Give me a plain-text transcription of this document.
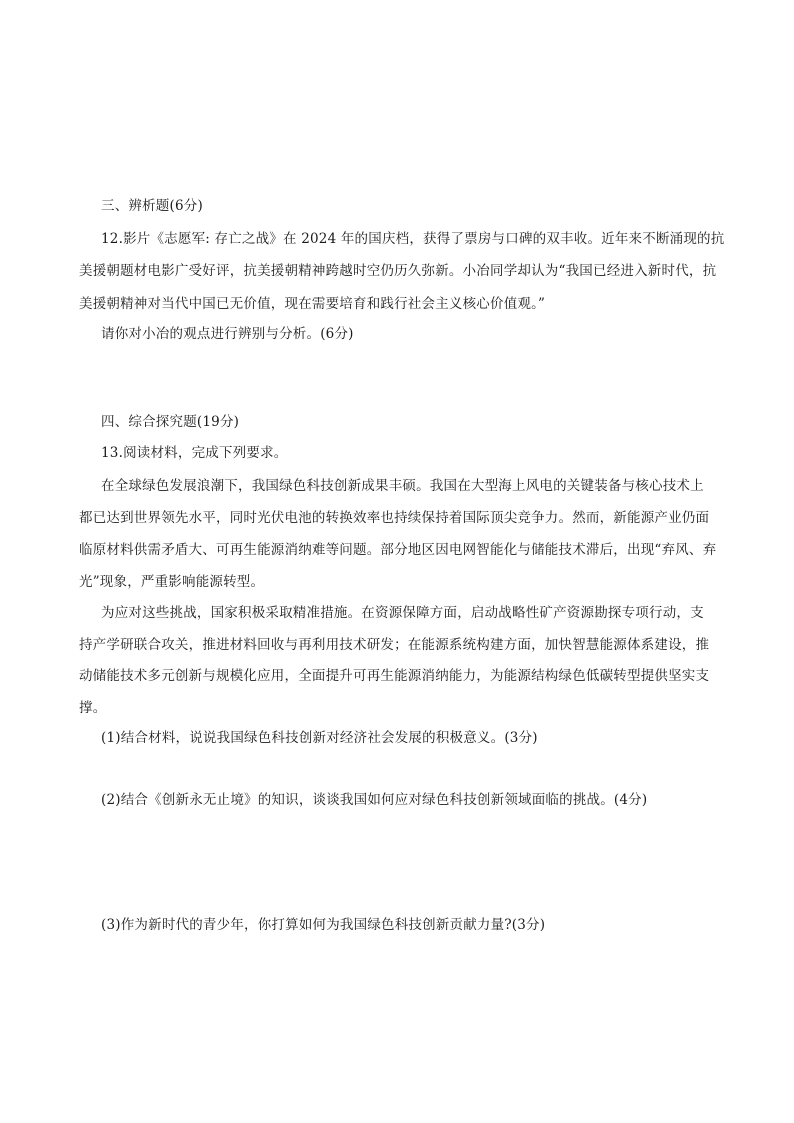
三、辨析题(6分)
12.影片《志愿军: 存亡之战》在 2024 年的国庆档，获得了票房与口碑的双丰收。近年来不断涌现的抗
美援朝题材电影广受好评，抗美援朝精神跨越时空仍历久弥新。小冶同学却认为“我国已经进入新时代，抗
美援朝精神对当代中国已无价值，现在需要培育和践行社会主义核心价值观。”
请你对小冶的观点进行辨别与分析。(6分)
四、综合探究题(19分)
13.阅读材料，完成下列要求。
在全球绿色发展浪潮下，我国绿色科技创新成果丰硕。我国在大型海上风电的关键装备与核心技术上
都已达到世界领先水平，同时光伏电池的转换效率也持续保持着国际顶尖竞争力。然而，新能源产业仍面
临原材料供需矛盾大、可再生能源消纳难等问题。部分地区因电网智能化与储能技术滞后，出现“弃风、弃
光”现象，严重影响能源转型。
为应对这些挑战，国家积极采取精准措施。在资源保障方面，启动战略性矿产资源勘探专项行动，支
持产学研联合攻关，推进材料回收与再利用技术研发；在能源系统构建方面，加快智慧能源体系建设，推
动储能技术多元创新与规模化应用，全面提升可再生能源消纳能力，为能源结构绿色低碳转型提供坚实支
撑。
(1)结合材料，说说我国绿色科技创新对经济社会发展的积极意义。(3分)
(2)结合《创新永无止境》的知识，谈谈我国如何应对绿色科技创新领域面临的挑战。(4分)
(3)作为新时代的青少年，你打算如何为我国绿色科技创新贡献力量?(3分)
